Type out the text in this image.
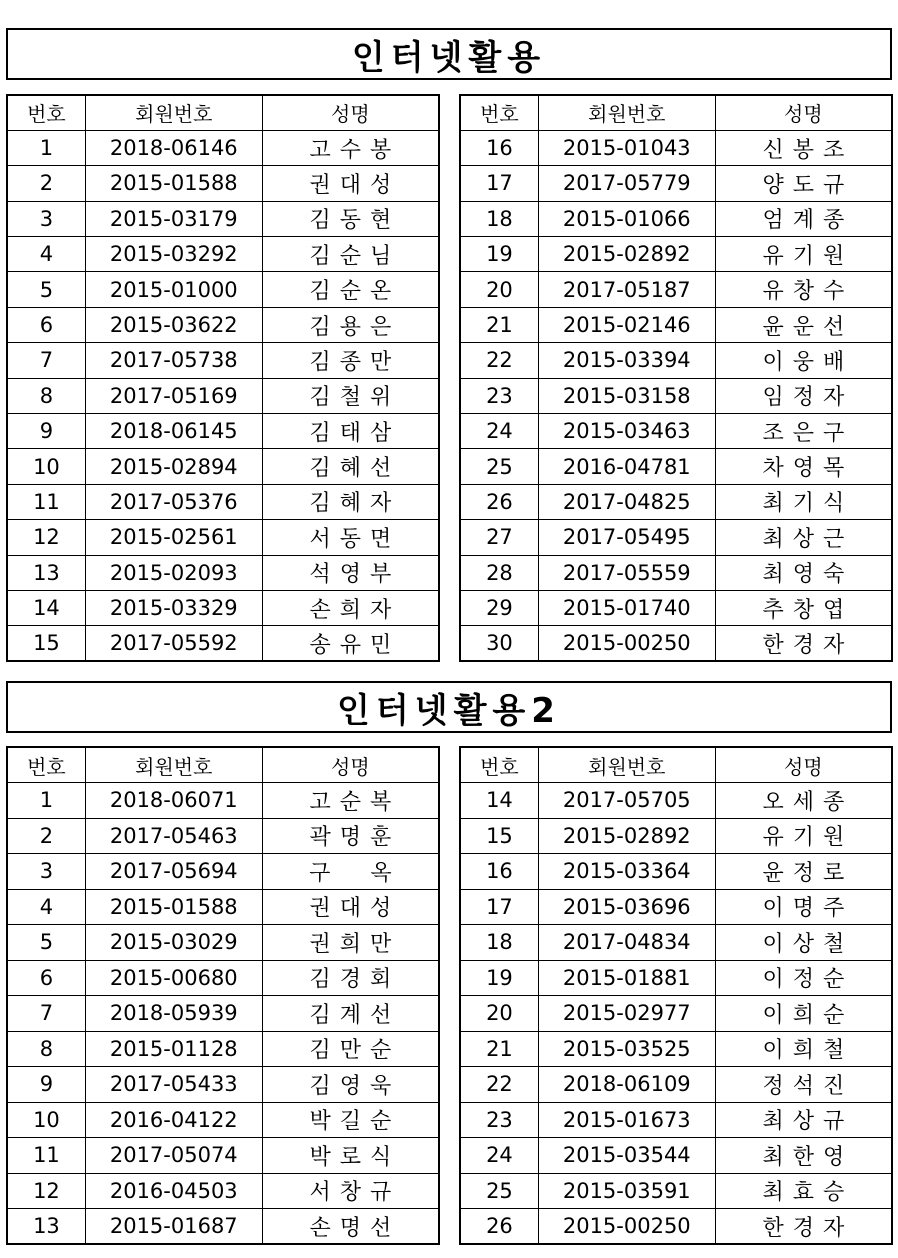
인터넷활용
번호	회원번호	성명
1	2018-06146	고수봉
2	2015-01588	권대성
3	2015-03179	김동현
4	2015-03292	김순님
5	2015-01000	김순온
6	2015-03622	김용은
7	2017-05738	김종만
8	2017-05169	김철위
9	2018-06145	김태삼
10	2015-02894	김혜선
11	2017-05376	김혜자
12	2015-02561	서동면
13	2015-02093	석영부
14	2015-03329	손희자
15	2017-05592	송유민
번호	회원번호	성명
16	2015-01043	신봉조
17	2017-05779	양도규
18	2015-01066	엄계종
19	2015-02892	유기원
20	2017-05187	유창수
21	2015-02146	윤운선
22	2015-03394	이웅배
23	2015-03158	임정자
24	2015-03463	조은구
25	2016-04781	차영목
26	2017-04825	최기식
27	2017-05495	최상근
28	2017-05559	최영숙
29	2015-01740	추창엽
30	2015-00250	한경자
인터넷활용2
번호	회원번호	성명
1	2018-06071	고순복
2	2017-05463	곽명훈
3	2017-05694	구　옥
4	2015-01588	권대성
5	2015-03029	권희만
6	2015-00680	김경회
7	2018-05939	김계선
8	2015-01128	김만순
9	2017-05433	김영욱
10	2016-04122	박길순
11	2017-05074	박로식
12	2016-04503	서창규
13	2015-01687	손명선
번호	회원번호	성명
14	2017-05705	오세종
15	2015-02892	유기원
16	2015-03364	윤정로
17	2015-03696	이명주
18	2017-04834	이상철
19	2015-01881	이정순
20	2015-02977	이희순
21	2015-03525	이희철
22	2018-06109	정석진
23	2015-01673	최상규
24	2015-03544	최한영
25	2015-03591	최효승
26	2015-00250	한경자
